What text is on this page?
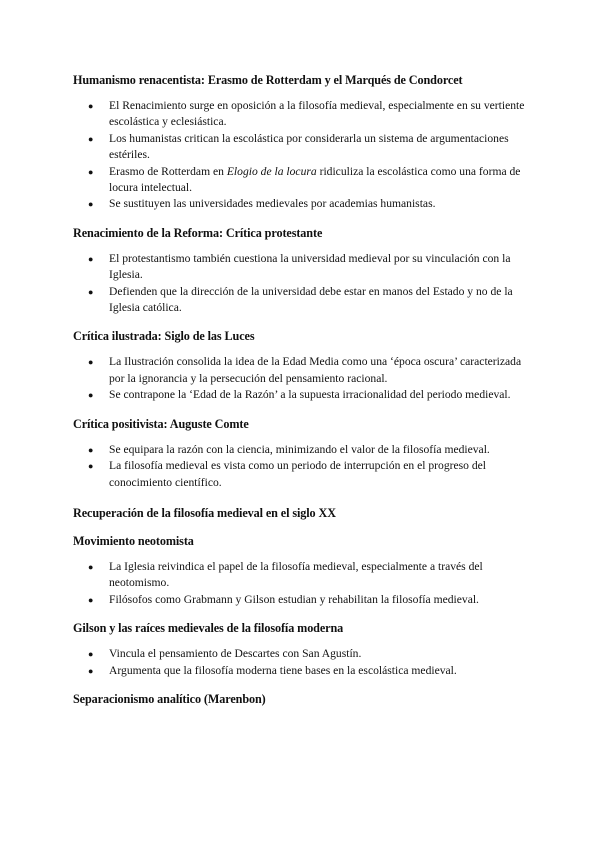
Humanismo renacentista: Erasmo de Rotterdam y el Marqués de Condorcet
● El Renacimiento surge en oposición a la filosofía medieval, especialmente en su vertiente escolástica y eclesiástica.
● Los humanistas critican la escolástica por considerarla un sistema de argumentaciones estériles.
● Erasmo de Rotterdam en Elogio de la locura ridiculiza la escolástica como una forma de locura intelectual.
● Se sustituyen las universidades medievales por academias humanistas.
Renacimiento de la Reforma: Crítica protestante
● El protestantismo también cuestiona la universidad medieval por su vinculación con la Iglesia.
● Defienden que la dirección de la universidad debe estar en manos del Estado y no de la Iglesia católica.
Crítica ilustrada: Siglo de las Luces
● La Ilustración consolida la idea de la Edad Media como una ‘época oscura’ caracterizada por la ignorancia y la persecución del pensamiento racional.
● Se contrapone la ‘Edad de la Razón’ a la supuesta irracionalidad del periodo medieval.
Crítica positivista: Auguste Comte
● Se equipara la razón con la ciencia, minimizando el valor de la filosofía medieval.
● La filosofía medieval es vista como un periodo de interrupción en el progreso del conocimiento científico.
Recuperación de la filosofía medieval en el siglo XX
Movimiento neotomista
● La Iglesia reivindica el papel de la filosofía medieval, especialmente a través del neotomismo.
● Filósofos como Grabmann y Gilson estudian y rehabilitan la filosofía medieval.
Gilson y las raíces medievales de la filosofía moderna
● Vincula el pensamiento de Descartes con San Agustín.
● Argumenta que la filosofía moderna tiene bases en la escolástica medieval.
Separacionismo analítico (Marenbon)
